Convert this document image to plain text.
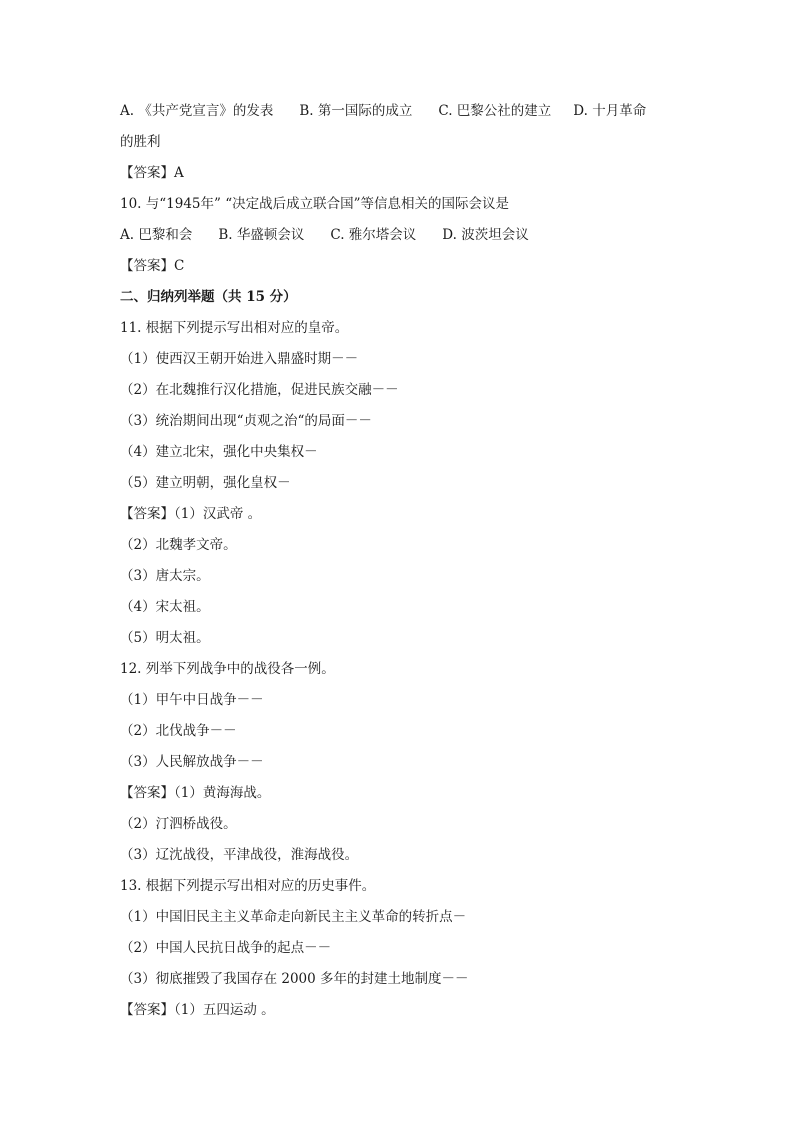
A. 《共产党宣言》的发表 B. 第一国际的成立 C. 巴黎公社的建立 D. 十月革命
的胜利
【答案】A
10. 与“1945年” “决定战后成立联合国”等信息相关的国际会议是
A. 巴黎和会 B. 华盛顿会议 C. 雅尔塔会议 D. 波茨坦会议
【答案】C
二、归纳列举题（共 15 分）
11. 根据下列提示写出相对应的皇帝。
（1）使西汉王朝开始进入鼎盛时期－－
（2）在北魏推行汉化措施，促进民族交融－－
（3）统治期间出现“贞观之治“的局面－－
（4）建立北宋，强化中央集权－
（5）建立明朝，强化皇权－
【答案】（1）汉武帝 。
（2）北魏孝文帝。
（3）唐太宗。
（4）宋太祖。
（5）明太祖。
12. 列举下列战争中的战役各一例。
（1）甲午中日战争－－
（2）北伐战争－－
（3）人民解放战争－－
【答案】（1）黄海海战。
（2）汀泗桥战役。
（3）辽沈战役，平津战役，淮海战役。
13. 根据下列提示写出相对应的历史事件。
（1）中国旧民主主义革命走向新民主主义革命的转折点－
（2）中国人民抗日战争的起点－－
（3）彻底摧毁了我国存在 2000 多年的封建土地制度－－
【答案】（1）五四运动 。
